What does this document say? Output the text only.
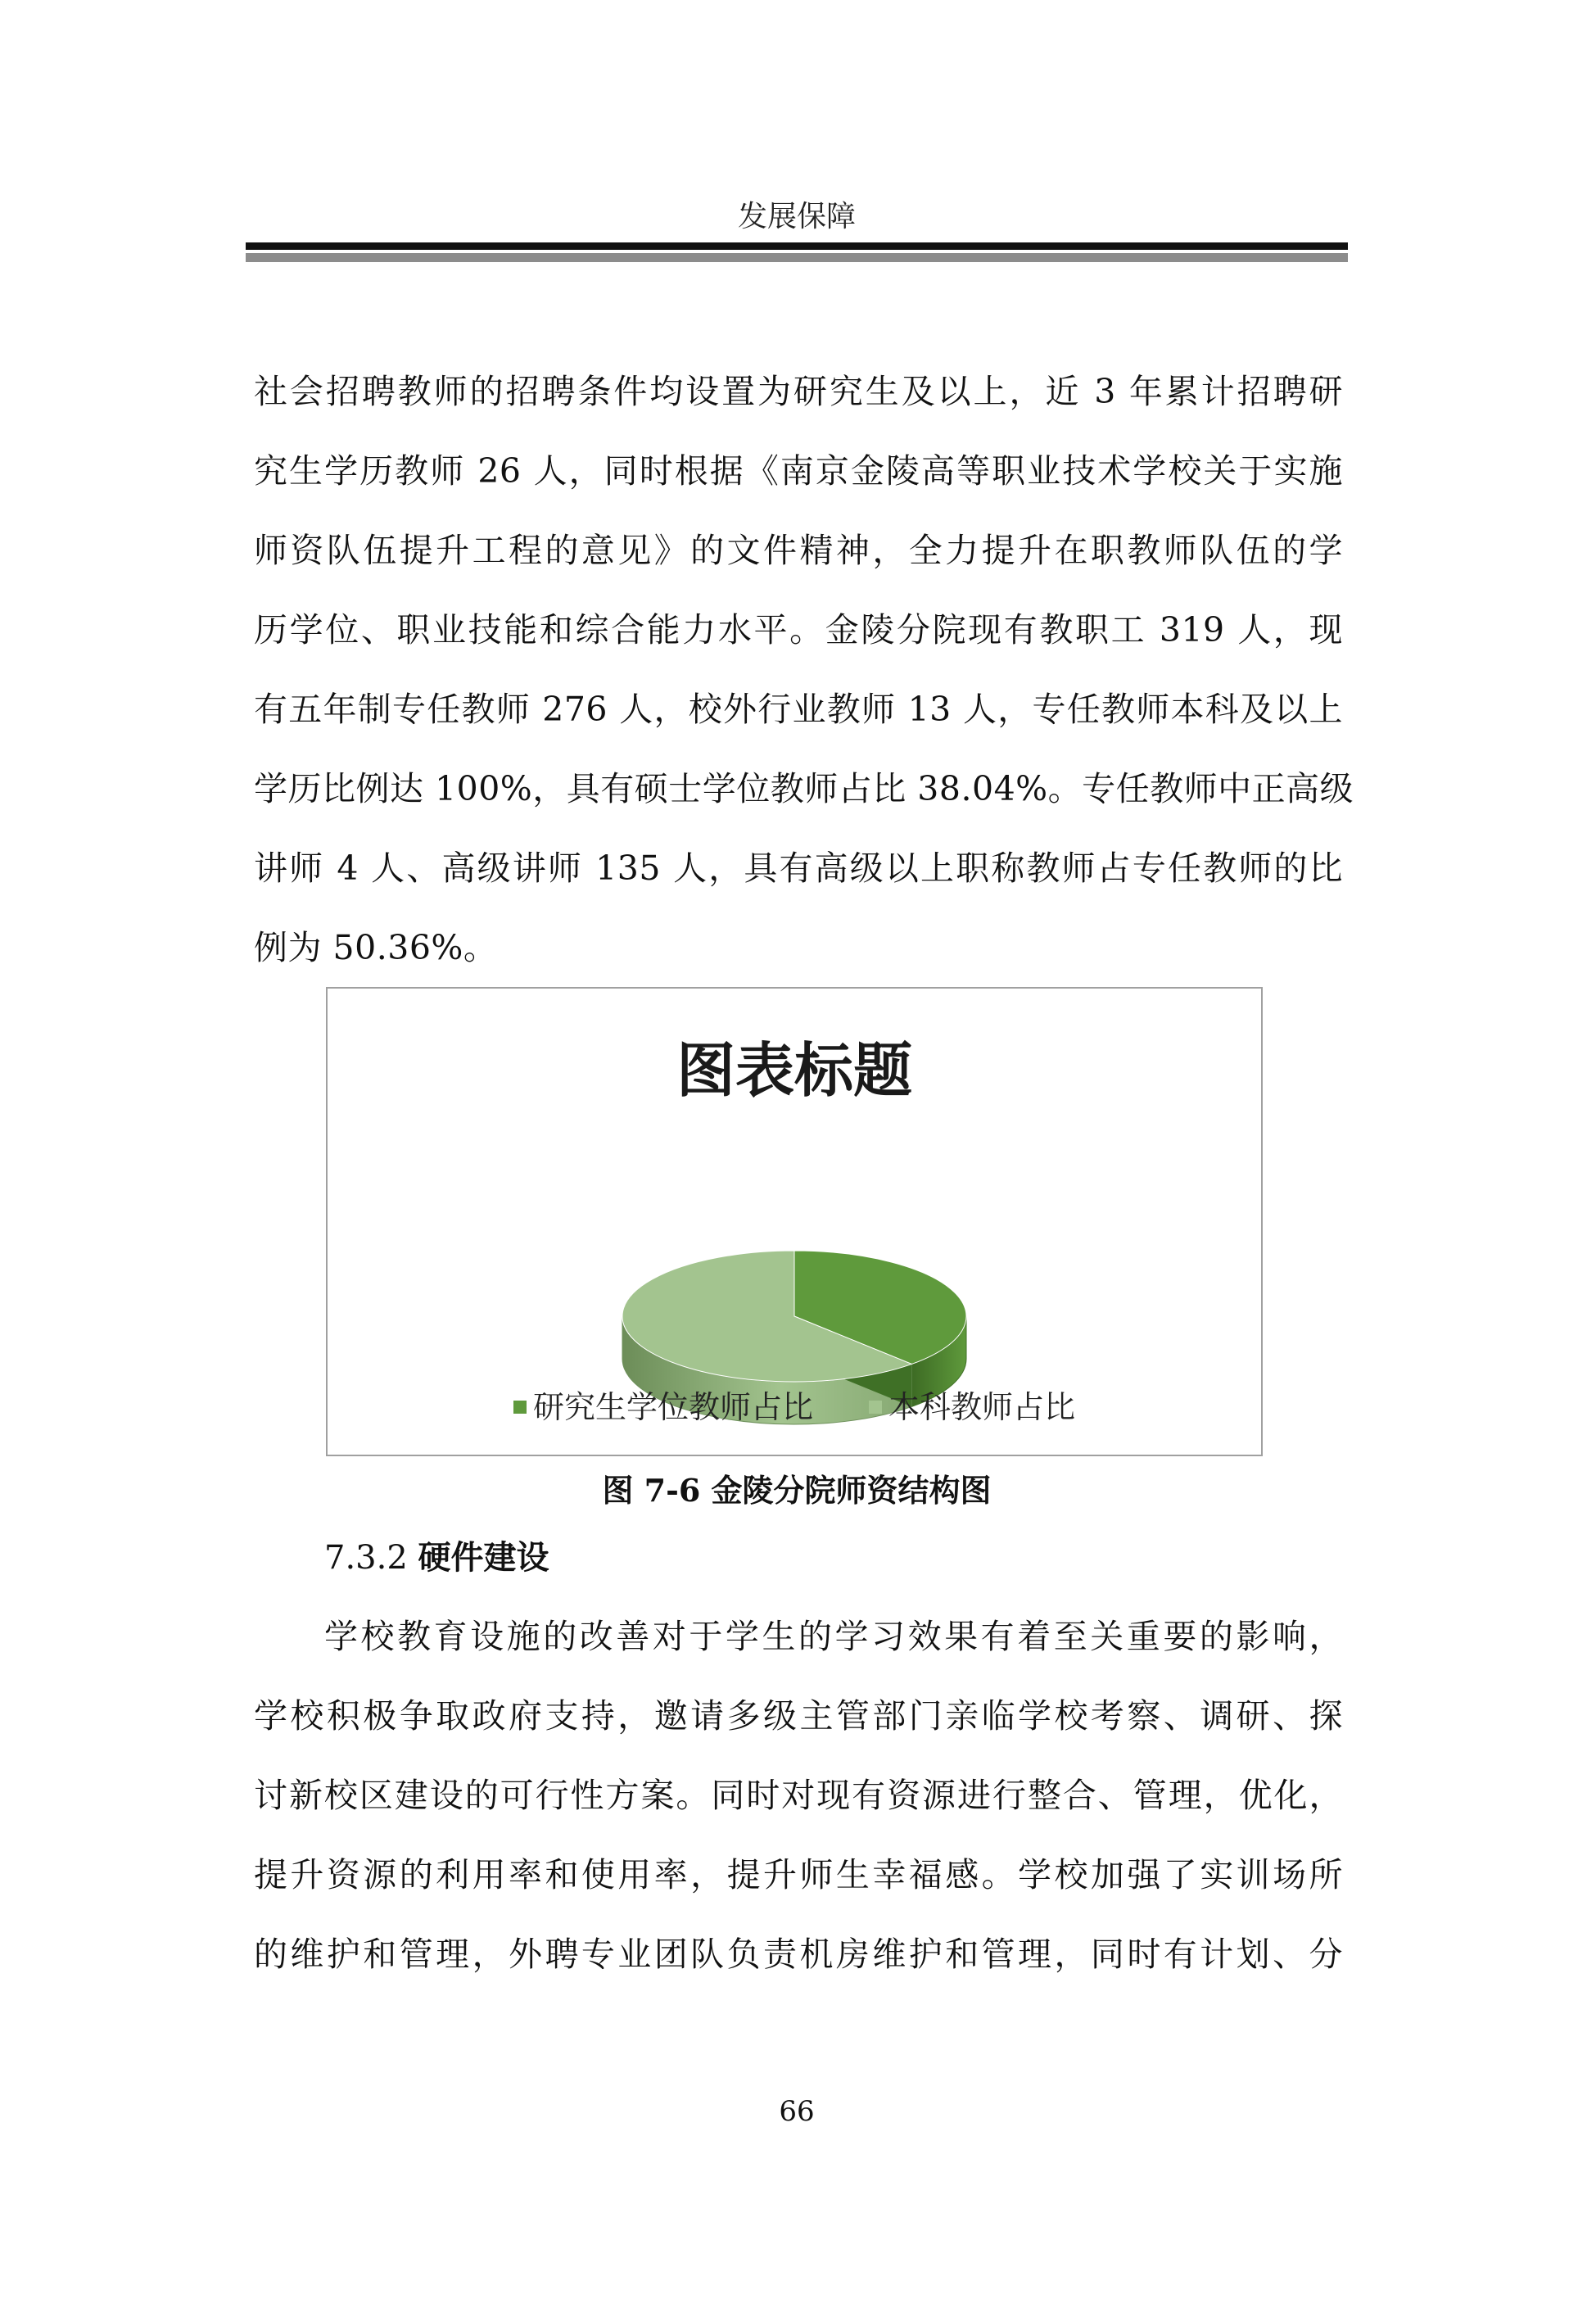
发展保障

社会招聘教师的招聘条件均设置为研究生及以上，近 3 年累计招聘研

究生学历教师 26 人，同时根据《南京金陵高等职业技术学校关于实施

师资队伍提升工程的意见》的文件精神，全力提升在职教师队伍的学

历学位、职业技能和综合能力水平。金陵分院现有教职工 319 人，现

有五年制专任教师 276 人，校外行业教师 13 人，专任教师本科及以上

学历比例达 100%，具有硕士学位教师占比 38.04%。专任教师中正高级

讲师 4 人、高级讲师 135 人，具有高级以上职称教师占专任教师的比

例为 50.36%。

图表标题
研究生学位教师占比 本科教师占比
图 7-6 金陵分院师资结构图
7.3.2 硬件建设

学校教育设施的改善对于学生的学习效果有着至关重要的影响，

学校积极争取政府支持，邀请多级主管部门亲临学校考察、调研、探

讨新校区建设的可行性方案。同时对现有资源进行整合、管理，优化，

提升资源的利用率和使用率，提升师生幸福感。学校加强了实训场所

的维护和管理，外聘专业团队负责机房维护和管理，同时有计划、分

66
